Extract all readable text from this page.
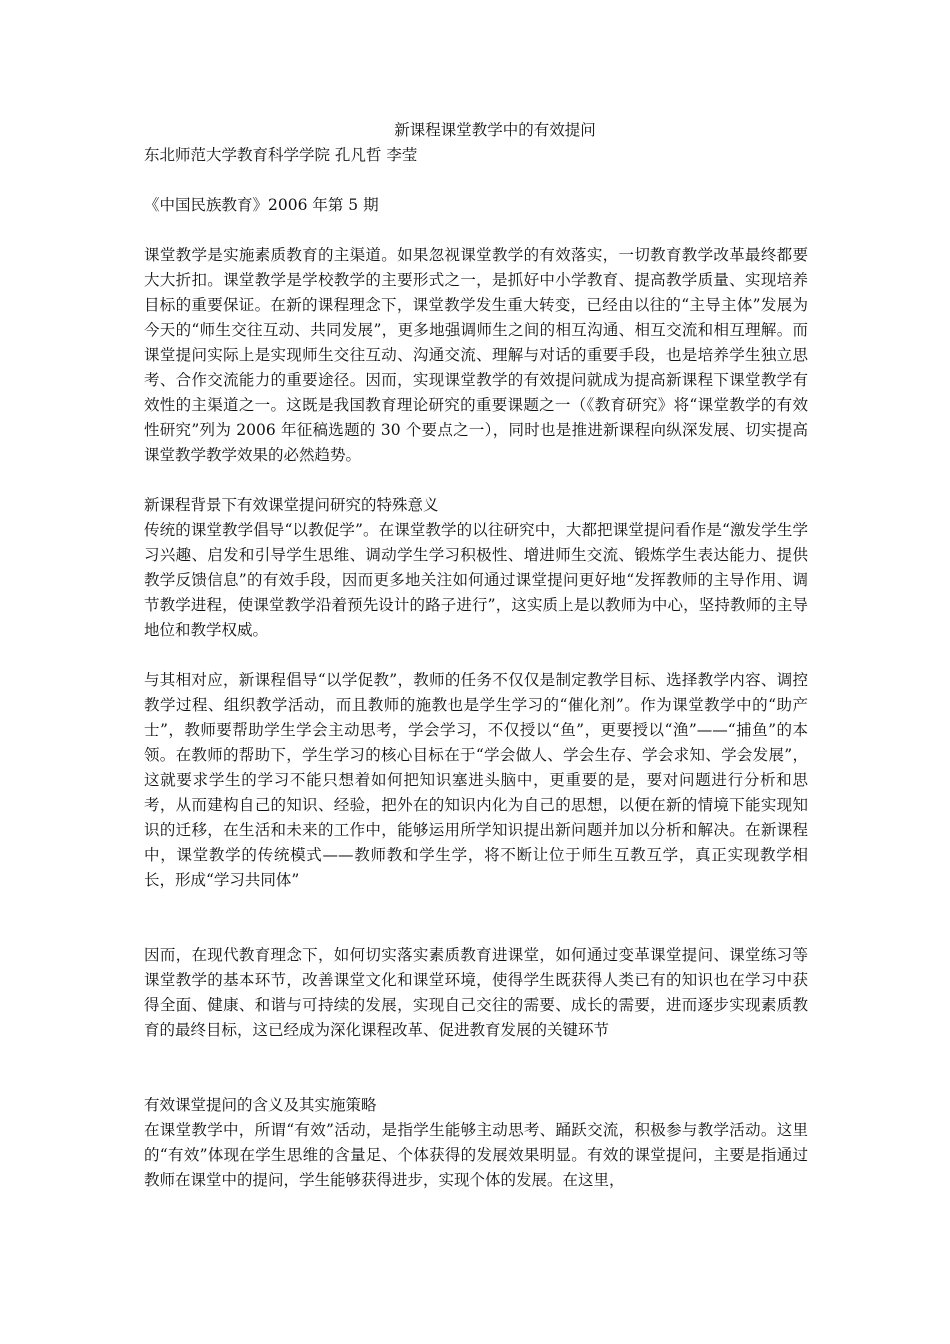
新课程课堂教学中的有效提问

东北师范大学教育科学学院 孔凡哲 李莹

《中国民族教育》2006 年第 5 期

课堂教学是实施素质教育的主渠道。如果忽视课堂教学的有效落实，一切教育教学改革最终都要大大折扣。课堂教学是学校教学的主要形式之一，是抓好中小学教育、提高教学质量、实现培养目标的重要保证。在新的课程理念下，课堂教学发生重大转变，已经由以往的“主导主体”发展为今天的“师生交往互动、共同发展”，更多地强调师生之间的相互沟通、相互交流和相互理解。而课堂提问实际上是实现师生交往互动、沟通交流、理解与对话的重要手段，也是培养学生独立思考、合作交流能力的重要途径。因而，实现课堂教学的有效提问就成为提高新课程下课堂教学有效性的主渠道之一。这既是我国教育理论研究的重要课题之一（《教育研究》将“课堂教学的有效性研究”列为 2006 年征稿选题的 30 个要点之一），同时也是推进新课程向纵深发展、切实提高课堂教学教学效果的必然趋势。

新课程背景下有效课堂提问研究的特殊意义

传统的课堂教学倡导“以教促学”。在课堂教学的以往研究中，大都把课堂提问看作是“激发学生学习兴趣、启发和引导学生思维、调动学生学习积极性、增进师生交流、锻炼学生表达能力、提供教学反馈信息”的有效手段，因而更多地关注如何通过课堂提问更好地“发挥教师的主导作用、调节教学进程，使课堂教学沿着预先设计的路子进行”，这实质上是以教师为中心，坚持教师的主导地位和教学权威。

与其相对应，新课程倡导“以学促教”，教师的任务不仅仅是制定教学目标、选择教学内容、调控教学过程、组织教学活动，而且教师的施教也是学生学习的“催化剂”。作为课堂教学中的“助产士”，教师要帮助学生学会主动思考，学会学习，不仅授以“鱼”，更要授以“渔”——“捕鱼”的本领。在教师的帮助下，学生学习的核心目标在于“学会做人、学会生存、学会求知、学会发展”，这就要求学生的学习不能只想着如何把知识塞进头脑中，更重要的是，要对问题进行分析和思考，从而建构自己的知识、经验，把外在的知识内化为自己的思想，以便在新的情境下能实现知识的迁移，在生活和未来的工作中，能够运用所学知识提出新问题并加以分析和解决。在新课程中，课堂教学的传统模式——教师教和学生学，将不断让位于师生互教互学，真正实现教学相长，形成“学习共同体”

因而，在现代教育理念下，如何切实落实素质教育进课堂，如何通过变革课堂提问、课堂练习等课堂教学的基本环节，改善课堂文化和课堂环境，使得学生既获得人类已有的知识也在学习中获得全面、健康、和谐与可持续的发展，实现自己交往的需要、成长的需要，进而逐步实现素质教育的最终目标，这已经成为深化课程改革、促进教育发展的关键环节

有效课堂提问的含义及其实施策略

在课堂教学中，所谓“有效”活动，是指学生能够主动思考、踊跃交流，积极参与教学活动。这里的“有效”体现在学生思维的含量足、个体获得的发展效果明显。有效的课堂提问，主要是指通过教师在课堂中的提问，学生能够获得进步，实现个体的发展。在这里，
